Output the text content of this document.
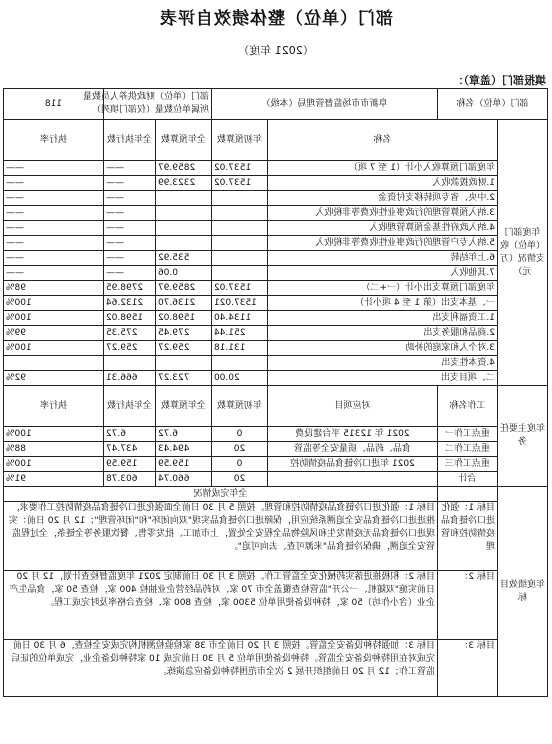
部门（单位）整体绩效自评表
（2021 年度）
填报部门（盖章）：
部门（单位）名称		阜新市市场监督管理局（本级）		部门（单位）财政供养人员数量
所属单位数量（仅部门填列）		118

年度部门（单位）收支情况（万元）	名称		年初预算数	全年预算数	全年执行数	执行率
	年度部门预算收入小计（1 至 7 项）		1537.02	2859.97	——	——
	1.财政拨款收入		1537.02	2323.99	——	——
	2.中央、省专项转移支付资金				——	——
	3.纳入预算管理的行政事业性收费等非税收入				——	——
	4.纳入政府性基金预算管理收入				——	——
	5.纳入专户管理的行政事业性收费等非税收入				——	——
	6.上年结转			535.92	——	——
	7.其他收入			0.06	——	——
	年度部门预算支出小计（一+二）		1537.02	2859.97	2798.95	98%
	一、基本支出（第 1 至 4 项小计）		1537.021	2136.70	2132.64	100%
	1.工资福利支出		1134.40	1598.02	1598.02	100%
	2.商品和服务支出		251.44	279.45	275.35	99%
	3.对个人和家庭的补助		131.18	259.27	259.27	100%
	4.资本性支出					
	二、项目支出		20.00	723.27	666.31	92%
年度主要任务	工作名称	对应项目	年初预算数	全年预算数	全年执行数	执行率
	重点工作一	2021 年 12315 平台建设费	0	6.72	6.72	100%
	重点工作二	食品、药品、质量安全等监管	20	494.43	437.47	88%
	重点工作三	2021 年进口冷链食品疫情防控	0	159.59	159.59	100%
	合计		20	660.74	603.78	91%
年度绩效目标		全年完成情况				
	目标 1：强化进口冷链食品疫情防控和管理	目标 1：强化进口冷链食品疫情防控和管理。按照 5 月 30 日前全面强化进口冷链食品疫情防控工作要求，推进进口冷链食品安全追溯系统应用，保障进口冷链食品实现"双向闭环"和"闭环管理"；12 月 20 日前：实现进口冷链食品无疫情发生和风险物品全程安全处置，上市加工、批发零售、餐饮服务等全链条，全过程监管安全追溯，确保冷链食品"来源可查、去向可追"。				
	目标 2：	目标 2：积极推进落实药械化安全监管工作。按照 3 月 30 日前制定 2021 年度监督检查计划，12 月 20 日前实施"双随机、一公开"监管检查覆盖全市 70 家、对药品经营企业抽检 400 家，检查 50 家，食品生产企业（含小作坊）50 家，特种设备使用单位 5300 家，检查 800 家、检查合格率及时完成工程。				
	目标 3：	目标 3：加强特种设备安全监管。按照 3 月 20 日前全市 38 家检验检测机构完成安全检查，6 月 30 日前完成对在用特种设备安全监管。特种设备使用单位 5 月 30 日前完成 10 家特种设备企业，完成单位的证后监管工作；12 月 20 日前组织开展 2 次全市范围特种设备应急演练。				
